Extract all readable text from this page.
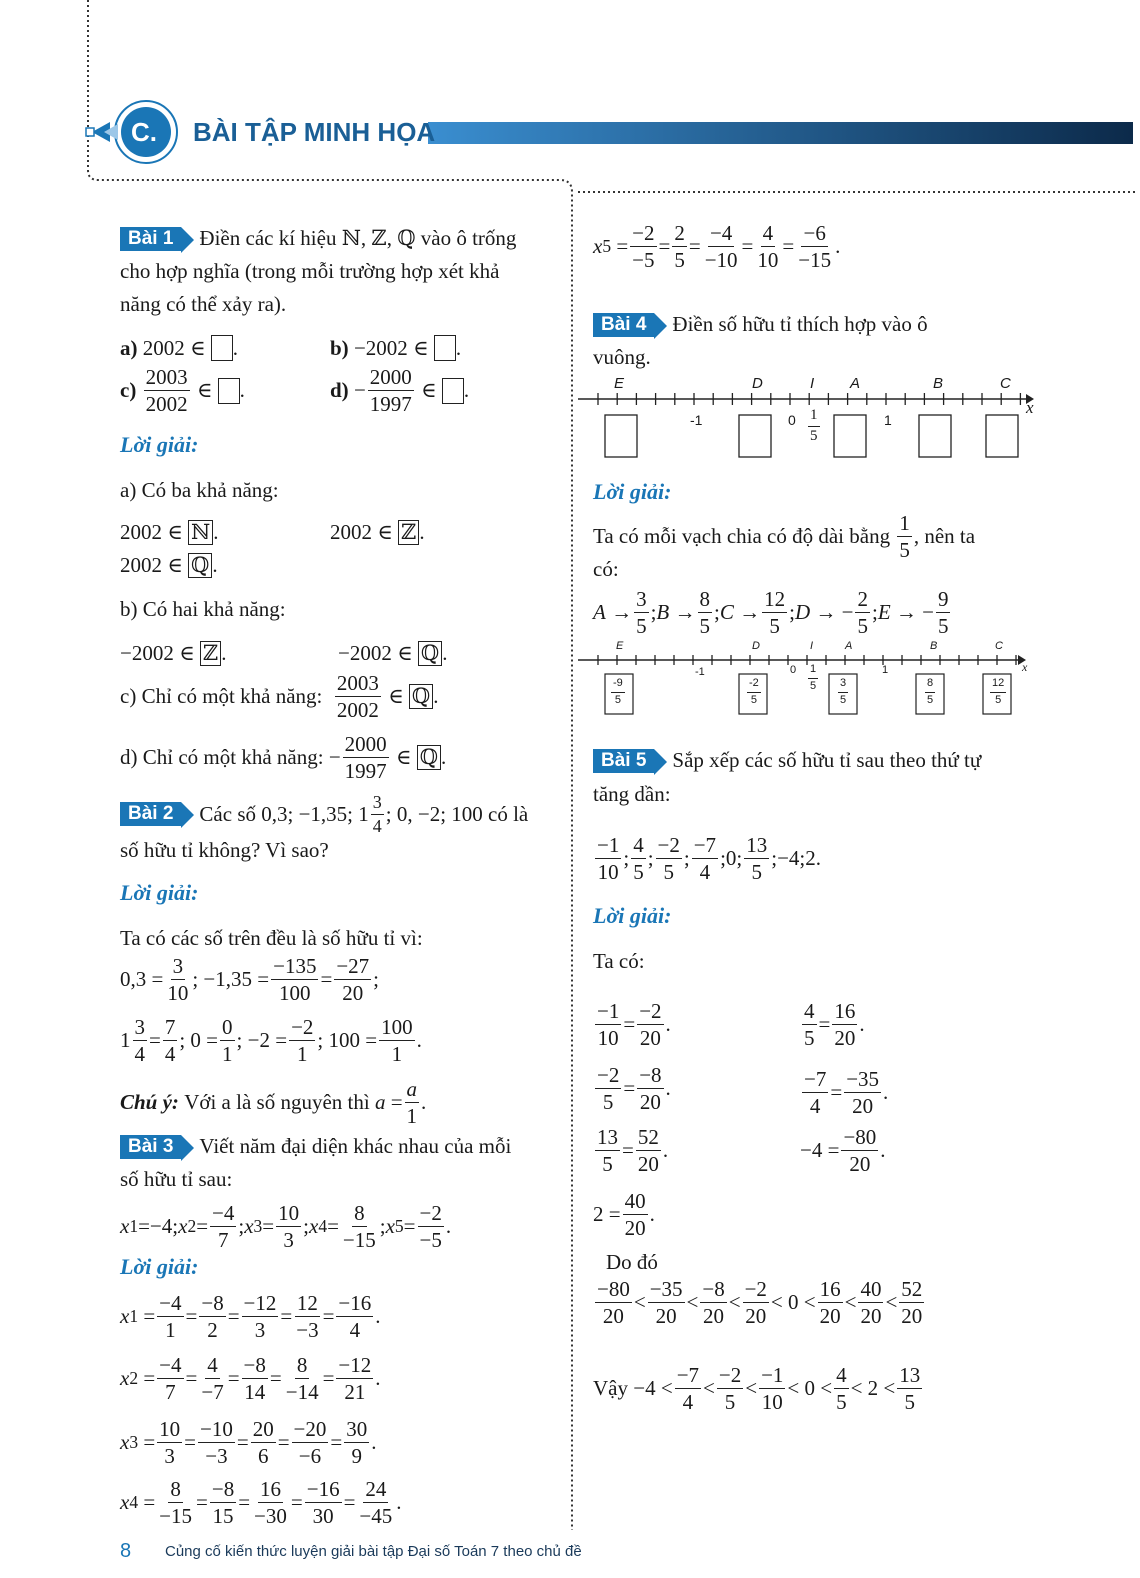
C. BÀI TẬP MINH HỌA
Bài 1	Điền các kí hiệu ℕ, ℤ, ℚ vào ô trống
cho hợp nghĩa (trong mỗi trường hợp xét khả
năng có thể xảy ra).
a)
2002 ∈
.	b)
−2002 ∈
.
c)
$\frac{2003}{2002}$ ∈
.	$d) - \frac{2000}{1997}$ ∈
.
Lời giải:
a) Có ba khả năng:
2002 ∈
ℕ .	2002 ∈
ℤ .
2002 ∈
ℚ .
b) Có hai khả năng:
−2002 ∈
ℤ .	−2002 ∈
ℚ .
c) Chỉ có một khả năng:
$\frac{2003}{2002}$ ∈ ℚ .
d) Chỉ có một khả năng: − $\frac{2000}{1997}$ ∈ ℚ .
Bài 2	Các số 0,3; −1,35; $1 \frac{3}{4}$ ; 0, −2; 100 có là
số hữu tỉ không? Vì sao?
Lời giải:
Ta có các số trên đều là số hữu tỉ vì:
$0,3 = \frac{3}{10}$ ; $-1,35 = \frac{-135}{100} = \frac{-27}{20}$ ;
$1 \frac{3}{4} = \frac{7}{4}$ ; $0 = \frac{0}{1}$ ; $-2 = \frac{-2}{1}$ ; $100 = \frac{100}{1}$ .
Chú ý:
Với a là số nguyên thì
$a = \frac{a}{1}$ .
Bài 3	Viết năm đại diện khác nhau của mỗi
số hữu tỉ sau:
x 1 =−4; x $2 = \frac{-4}{7}$ ; x $3 = \frac{10}{3}$ ; x $4 = \frac{8}{-15}$ ; x $5 = \frac{-2}{-5}$ .
Lời giải:
x $1 = \frac{-4}{1} = \frac{-8}{2} = \frac{-12}{3} = \frac{12}{-3} = \frac{-16}{4}$ .
x $2 = \frac{-4}{7} = \frac{4}{-7} = \frac{-8}{14} = \frac{8}{-14} = \frac{-12}{21}$ .
x $3 = \frac{10}{3} = \frac{-10}{-3} = \frac{20}{6} = \frac{-20}{-6} = \frac{30}{9}$ .
x $4 = \frac{8}{-15} = \frac{-8}{15} = \frac{16}{-30} = \frac{-16}{30} = \frac{24}{-45}$ .
8 Củng cố kiến thức luyện giải bài tập Đại số Toán 7 theo chủ đề
x $5 = \frac{-2}{-5} = \frac{2}{5} = \frac{-4}{-10} = \frac{4}{10} = \frac{-6}{-15}$ .
Bài 4	Điền số hữu tỉ thích hợp vào ô
vuông.
E	D	I A	B	C
x
-1	0	1
$\frac{1}{5}$
Lời giải:
Ta có mỗi vạch chia có độ dài bằng
$\frac{1}{5}$ , nên ta
có:
$A \to \frac{3}{5}$ ; $B \to \frac{8}{5}$ ; $C \to \frac{12}{5}$ ; D → − $\frac{2}{5}$ ; E → − $\frac{9}{5}$
E	D	I	A	B	C
x
-1	0	1
$\frac{1}{5}$
$\frac{-9}{5}$	$\frac{-2}{5}$	$\frac{3}{5}$	$\frac{8}{5}$	$\frac{12}{5}$
Bài 5	Sắp xếp các số hữu tỉ sau theo thứ tự
tăng dần:
$\frac{-1}{10}$ ; $\frac{4}{5}$ ; $\frac{-2}{5}$ ; $\frac{-7}{4}$ ;0; $\frac{13}{5}$ ;−4;2.
Lời giải:
Ta có:
$\frac{-1}{10} = \frac{-2}{20}$ .	$\frac{4}{5} = \frac{16}{20}$ .
$\frac{-2}{5} = \frac{-8}{20}$ .	$\frac{-7}{4} = \frac{-35}{20}$ .
$\frac{13}{5} = \frac{52}{20}$ .	$-4 = \frac{-80}{20}$ .
$2 = \frac{40}{20}$ .
Do đó
$\frac{-80}{20} < \frac{-35}{20} < \frac{-8}{20} < \frac{-2}{20} < 0 < \frac{16}{20} < \frac{40}{20} < \frac{52}{20}$
Vậy $-4 < \frac{-7}{4} < \frac{-2}{5} < \frac{-1}{10} < 0 < \frac{4}{5} < 2 < \frac{13}{5}$
